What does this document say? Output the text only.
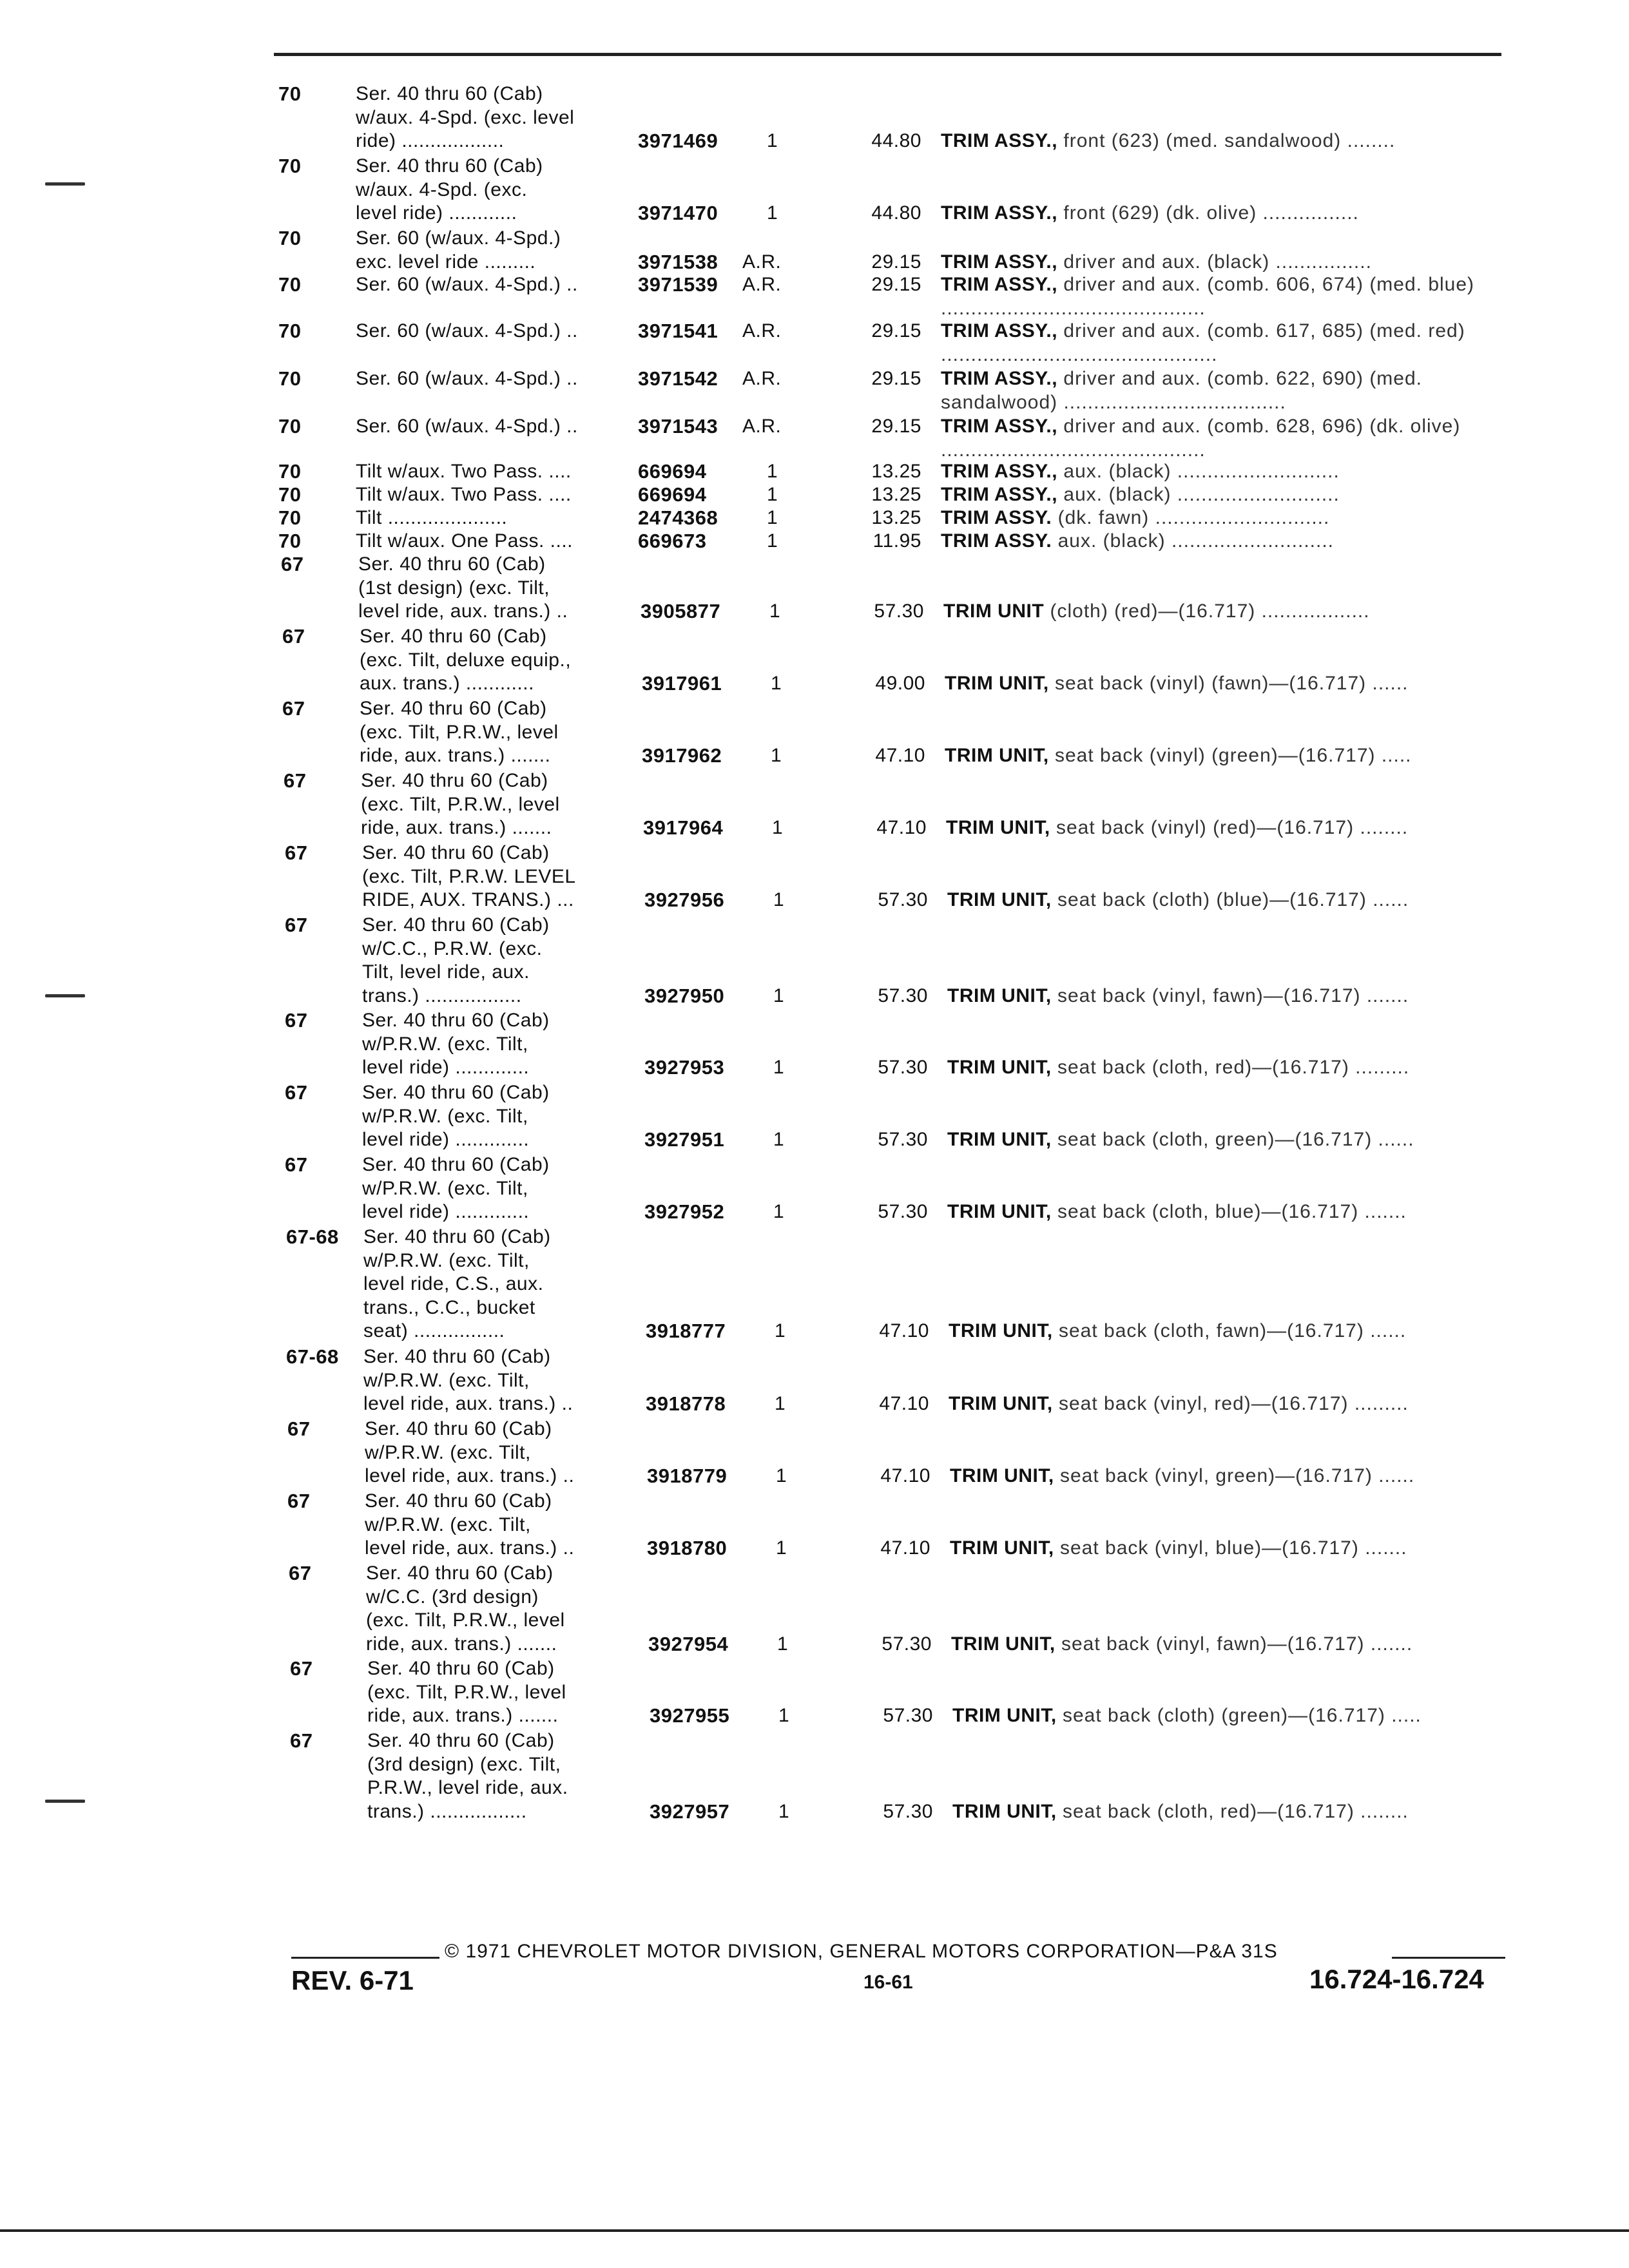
70	Ser. 40 thru 60 (Cab)
w/aux. 4-Spd. (exc. level
ride) ..................	3971469	1	44.80 TRIM ASSY., front (623) (med. sandalwood) ........
70	Ser. 40 thru 60 (Cab)
w/aux. 4-Spd. (exc.
level ride) ............	3971470	1	44.80 TRIM ASSY., front (629) (dk. olive) ................
70	Ser. 60 (w/aux. 4-Spd.)
exc. level ride .........	3971538 A.R.	29.15 TRIM ASSY., driver and aux. (black) ................
70	Ser. 60 (w/aux. 4-Spd.) ..	3971539 A.R.	29.15 TRIM ASSY., driver and aux. (comb. 606, 674) (med. blue) ............................................
70	Ser. 60 (w/aux. 4-Spd.) ..	3971541 A.R.	29.15 TRIM ASSY., driver and aux. (comb. 617, 685) (med. red) ..............................................
70	Ser. 60 (w/aux. 4-Spd.) ..	3971542 A.R.	29.15 TRIM ASSY., driver and aux. (comb. 622, 690) (med. sandalwood) .....................................
70	Ser. 60 (w/aux. 4-Spd.) ..	3971543 A.R.	29.15 TRIM ASSY., driver and aux. (comb. 628, 696) (dk. olive) ............................................
70	Tilt w/aux. Two Pass. ....	669694	1	13.25 TRIM ASSY., aux. (black) ...........................
70	Tilt w/aux. Two Pass. ....	669694	1	13.25 TRIM ASSY., aux. (black) ...........................
70	Tilt .....................	2474368	1	13.25 TRIM ASSY. (dk. fawn) .............................
70	Tilt w/aux. One Pass. ....	669673	1	11.95 TRIM ASSY. aux. (black) ...........................
67	Ser. 40 thru 60 (Cab)
(1st design) (exc. Tilt,
level ride, aux. trans.) ..	3905877	1	57.30 TRIM UNIT (cloth) (red)—(16.717) ..................
67	Ser. 40 thru 60 (Cab)
(exc. Tilt, deluxe equip.,
aux. trans.) ............	3917961	1	49.00 TRIM UNIT, seat back (vinyl) (fawn)—(16.717) ......
67	Ser. 40 thru 60 (Cab)
(exc. Tilt, P.R.W., level
ride, aux. trans.) .......	3917962	1	47.10 TRIM UNIT, seat back (vinyl) (green)—(16.717) .....
67	Ser. 40 thru 60 (Cab)
(exc. Tilt, P.R.W., level
ride, aux. trans.) .......	3917964	1	47.10 TRIM UNIT, seat back (vinyl) (red)—(16.717) ........
67	Ser. 40 thru 60 (Cab)
(exc. Tilt, P.R.W. LEVEL
RIDE, AUX. TRANS.) ...	3927956	1	57.30 TRIM UNIT, seat back (cloth) (blue)—(16.717) ......
67	Ser. 40 thru 60 (Cab)
w/C.C., P.R.W. (exc.
Tilt, level ride, aux.
trans.) .................	3927950	1	57.30 TRIM UNIT, seat back (vinyl, fawn)—(16.717) .......
67	Ser. 40 thru 60 (Cab)
w/P.R.W. (exc. Tilt,
level ride) .............	3927953	1	57.30 TRIM UNIT, seat back (cloth, red)—(16.717) .........
67	Ser. 40 thru 60 (Cab)
w/P.R.W. (exc. Tilt,
level ride) .............	3927951	1	57.30 TRIM UNIT, seat back (cloth, green)—(16.717) ......
67	Ser. 40 thru 60 (Cab)
w/P.R.W. (exc. Tilt,
level ride) .............	3927952	1	57.30 TRIM UNIT, seat back (cloth, blue)—(16.717) .......
67-68 Ser. 40 thru 60 (Cab)
w/P.R.W. (exc. Tilt,
level ride, C.S., aux.
trans., C.C., bucket
seat) ................	3918777	1	47.10 TRIM UNIT, seat back (cloth, fawn)—(16.717) ......
67-68 Ser. 40 thru 60 (Cab)
w/P.R.W. (exc. Tilt,
level ride, aux. trans.) ..	3918778	1	47.10 TRIM UNIT, seat back (vinyl, red)—(16.717) .........
67	Ser. 40 thru 60 (Cab)
w/P.R.W. (exc. Tilt,
level ride, aux. trans.) ..	3918779	1	47.10 TRIM UNIT, seat back (vinyl, green)—(16.717) ......
67	Ser. 40 thru 60 (Cab)
w/P.R.W. (exc. Tilt,
level ride, aux. trans.) ..	3918780	1	47.10 TRIM UNIT, seat back (vinyl, blue)—(16.717) .......
67	Ser. 40 thru 60 (Cab)
w/C.C. (3rd design)
(exc. Tilt, P.R.W., level
ride, aux. trans.) .......	3927954	1	57.30 TRIM UNIT, seat back (vinyl, fawn)—(16.717) .......
67	Ser. 40 thru 60 (Cab)
(exc. Tilt, P.R.W., level
ride, aux. trans.) .......	3927955	1	57.30 TRIM UNIT, seat back (cloth) (green)—(16.717) .....
67	Ser. 40 thru 60 (Cab)
(3rd design) (exc. Tilt,
P.R.W., level ride, aux.
trans.) .................	3927957	1	57.30 TRIM UNIT, seat back (cloth, red)—(16.717) ........
© 1971 CHEVROLET MOTOR DIVISION, GENERAL MOTORS CORPORATION—P&A 31S
REV. 6-71	16-61	16.724-16.724
